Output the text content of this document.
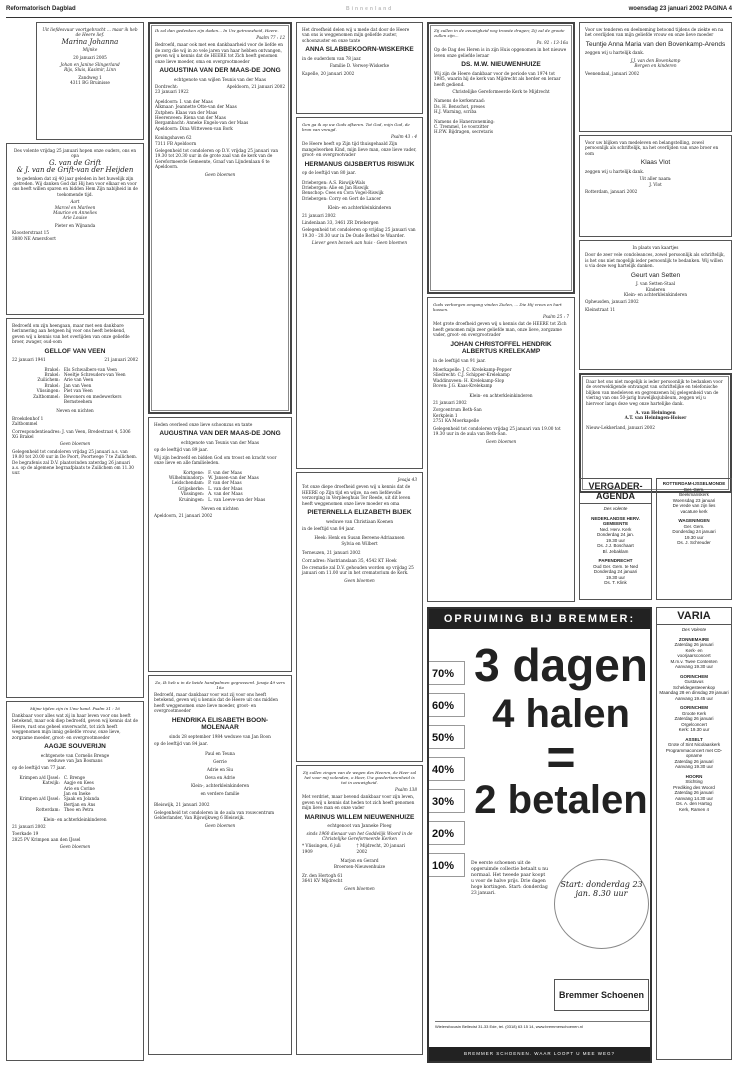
Reformatorisch Dagblad	Binnenland	woensdag 23 januari 2002 PAGINA 4

Uit liefdesvuur voortgebracht ... maar ik heb de Heere lief.

Marina Johanna

Mijnke

20 januari 2005

Johan en Janine Slingerland
Rijs, Sluis, Kasimir, Linn

Zandweg 1
4311 BG Bruinisse

Des volente vrijdag 25 januari hopen onze ouders, ons en opa

G. van de Grift

& J. van de Grift-van der Heijden

te gedenken dat zij 40 jaar geleden in het huwelijk zijn getreden. Wij danken God dat Hij hen voor elkaar en voor ons heeft willen sparen en bidden Hem Zijn nabijheid in de toekomende tijd.

Aart
Marcel en Marleen
Maurice en Annelies
Arie Louise

Pieter en Wijnanda

Kloosterstraat 15
3880 NE Amersfoort

Bedroefd om zijn heengaan, maar met een dankbare herinnering aan hetgeen hij voor ons heeft betekend, geven wij u kennis van het overlijden van onze geliefde broer, zwager, oud-oom

GELLOF VAN VEEN

22 januari 1941	21 januari 2002
Brakel: Els Schwalbers-van Veen
Brakel: Neeltje Schreuders-van Veen
Zuilichem: Arie van Veen
Brakel: Jan van Veen
Vlissingen: Piet van Veen
Zaltbommel: Bewoners en medewerkers Bernsteehem

Neven en nichten

Broekdenhof 1
Zaltbommel

Correspondentieadres: J. van Veen, Bredestraat 4, 5306 XG Brakel

Geen bloemen

Gelegenheid tot condoleren vrijdag 25 januari a.s. van 19.00 tot 20.00 uur in De Poort, Poortwege 7 te Zuilichem. De begrafenis zal D.V. plaatsvinden zaterdag 26 januari a.s. op de algemene begraafplaats te Zuilichem om 11.30 uur.

Mijne tijden zijn in Uwe hand. Psalm 31 : 16

Dankbaar voor alles wat zij in haar leven voor ons heeft betekend, maar ook diep bedroefd, geven wij kennis dat de Heere, rust ons geheel onverwacht, tot zich heeft weggenomen mijn innig geliefde vrouw, onze lieve, zorgzame moeder, groot- en overgrootmoeder

AAGJE SOUVERIJN

echtgenote van Cornelis Brenge
weduwe van Jan Bosmans

op de leeftijd van 77 jaar.

Krimpen a/d IJssel: C. Brenge
Katwijk: Aagje en Kees
Arie en Corine
Jan en Ineke
Krimpen a/d IJssel: Sjaak en Jolanda
Bertjan en Ans
Rotterdam: Theo en Petra

Klein- en achterkleinkinderen

21 januari 2002

Toerkade 19
2825 PV Krimpen aan den IJssel

Geen bloemen

Ik zal dan gedenken zijn daden... In Uw getrouwheid, Heere.

Psalm 77 : 12

Bedroefd, maar ook met een dankbaarheid voor de liefde en de zorg die wij in zo vele jaren van haar hebben ontvangen, geven wij u kennis dat de HEERE tot Zich heeft genomen onze lieve moeder, oma en overgrootmoeder

AUGUSTINA VAN DER MAAS-DE JONG

echtgenote van wijlen Teunis van der Maas

Dordrecht:	Apeldoorn, 21 januari 2002

23 januari 1922

Apeldoorn: I. van der Maas
Alkmaar: Jeannette Otte-van der Maas
Zutphen: Klaas van der Maas
Heerenveen: Riena van der Maas
Bergambacht: Anneke Engels-van der Maas
Apeldoorn: Dina Witteveen-van Bork

Koningshaven 62
7311 FB Apeldoorn

Gelegenheid tot condoleren op D.V. vrijdag 25 januari van 19.30 tot 20.30 uur in de grote zaal van de kerk van de Gereformeerde Gemeente, Graaf van Lijndenlaan 6 te Apeldoorn.

Geen bloemen

Heden overleed onze lieve schoonzus en tante

AUGUSTINA VAN DER MAAS-DE JONG

echtgenote van Teunis van der Maas

op de leeftijd van 89 jaar.

Wij zijn bedroefd en bidden God om troost en kracht voor onze lieve en alle familieleden.

Kortgene: F. van der Maas
Wilhelminadorp: W. Jansen-van der Maas
Leidschendam: P. van der Maas
Grijpskerke: L. van der Maas
Vlissingen: A. van der Maas
Kruiningen: L. van Leeve-van der Maas

Neven en nichten

Apeldoorn, 21 januari 2002

Zo, Ik heb u in de beide handpalmen gegraveerd. Jesaja 49 vers 16a

Bedroefd, maar dankbaar voor wat zij voor ons heeft betekend, geven wij u kennis dat de Heere uit ons midden heeft weggenomen onze lieve moeder, groot- en overgrootmoeder

HENDRIKA ELISABETH BOON-MOLENAAR

sinds 28 september 1984 weduwe van Jan Boon

op de leeftijd van 84 jaar.

Paul en Teuna
Gerrie
Adrie en Siu
Oeva en Adrie
Klein-, achterkleinkinderen
en verdere familie

Bleiswijk, 21 januari 2002

Gelegenheid tot condoleren in de aula van rouwcentrum Gelderlander, Van Rijswijkweg 6 Bleiswijk.

Geen bloemen

Het droefheid delen wij u mede dat door de Heere van ons is weggenomen mijn geliefde zuster, schoonzuster en onze tante

ANNA SLABBEKOORN-WISKERKE

in de ouderdom van 78 jaar.

Familie D. Verwey-Wiskerke

Kapelle, 20 januari 2002

Gen ga ik op uw Gods afkeren. Tot God, mijn God, de bron van vreugd.

Psalm 43 : 4

De Heere heeft op Zijn tijd thuisgehaald Zijn mangelwerken Kind, mijn lieve man, onze lieve vader, groot- en overgrootvader

HERMANUS GIJSBERTUS RISWIJK

op de leeftijd van 80 jaar.

Driebergen: A.S. Riswijk-Wals
Driebergen: Alie en Jan Riswijk
Benschop: Cees en Cora Vogel-Riswijk
Driebergen: Corry en Gert de Lancer

Klein- en achterkleinkinderen

21 januari 2002

Lindenlaan 33, 3461 ZR Driebergen

Gelegenheid tot condoleren op vrijdag 25 januari van 19.30 - 20.30 uur in De Oude Bethel te Waarder.

Liever geen bezoek aan huis - Geen bloemen

Jesaja 43

Tot onze diepe droefheid geven wij u kennis dat de HEERE op Zijn tijd en wijze, na een liefdevolle verzorging in Verpleeghuis Ter Reede, uit dit leven heeft weggenomen onze lieve moeder en oma

PIETERNELLA ELIZABETH BIJEK

weduwe van Christiaan Koenen

in de leeftijd van 84 jaar.

Heek: Henk en Susan Bereens-Adriaansen
Sylvia en Wilbert

Terneuzen, 21 januari 2002

Corr.adres: Nastrianslaan 35, 4542 KT Hoek

De crematie zal D.V. gehouden worden op vrijdag 25 januari om 11.00 uur in het crematorium de Kerk.

Geen bloemen

Zij zullen zingen van de wegen des Heeren, de Heer zal het voor mij volenden, o Heer, Uw goedertierenheid is tot in eeuwigheid.

Psalm 138

Met verdriet, maar bevend dankbaar voor zijn leven, geven wij u kennis dat heden tot zich heeft genomen mijn lieve man en onze vader

MARINUS WILLEM NIEUWENHUIZE

echtgenoot van Janneke Ploeg

sinds 1960 dienaar van het Goddelijk Woord in de Christelijke Gereformeerde Kerken

* Vlissingen, 6 juli 1909
† Mijdrecht, 20 januari 2002

Marjon en Gerard
Broersen-Nieuwenhuize

Zr. den Hertogh 61
3641 KV Mijdrecht

Geen bloemen

Zij zullen in de eeuwigheid nog trooste dragen; Zij zal de groote zullen zijn...

Ps. 92 : 13-16a

Op de Dag des Heren is in zijn Huis opgenomen in het nieuwe leven onze geliefde leraar

DS. M.W. NIEUWENHUIZE

Wij zijn de Heere dankbaar voor de periode van 1974 tot 1985, waarin hij de kerk van Mijdrecht als herder en leraar heeft gediend.

Christelijke Gereformeerde Kerk te Mijdrecht

Namens de kerkenraad:
Ds. H. Benschot, preses
H.J. Warning, scriba

Namens de Hanerzoneming:
C. Tremmel, 1e voorzitter
H.P.W. Bijdragen, secretaris

Gods verborgen omgang vinden Zielen, ... Die Hij vrees en hart kussen.

Psalm 25 : 7

Met grote droefheid geven wij u kennis dat de HEERE tot Zich heeft genomen mijn zeer geliefde man, onze lieve, zorgzame vader, groot- en overgrootvader

JOHAN CHRISTOFFEL HENDRIK ALBERTUS KRELEKAMP

in de leeftijd van 91 jaar.

Moerkapelle: J. C. Krelekamp-Pepper
Sliedrecht: C.J. Schipper-Krelekamp
Waddinxveen: H. Krelekamp-Slop
Boven: J.G. Kaas-Krelekamp

Klein- en achterkleinkinderen

21 januari 2002

Zorgcentrum Beth-San
Kerkplein 1
2751 KA Moerkapelle

Gelegenheid tot condoleren vrijdag 25 januari van 19.00 tot 19.30 uur in de aula van Beth-San.

Geen bloemen

Voor uw tenderen en deelneming betoond tijdens de ziekte en na het overlijden van mijn geliefde vrouw en onze lieve moeder

Teuntje Anna Maria van den Bovenkamp-Arends

zeggen wij u hartelijk dank.

J.J. van den Bovenkamp
Bergen en kinderen

Veenendaal, januari 2002

Voor uw blijken van medeleven en belangstelling, zowel persoonlijk als schriftelijk, na het overlijden van onze broer en oom

Klaas Vlot

zeggen wij u hartelijk dank.

Uit aller naam:
J. Vlot

Rotterdam, januari 2002

In plaats van kaartjes

Door de zeer vele condoleances, zowel persoonlijk als schriftelijk, is het ons niet mogelijk ieder persoonlijk te bedanken. Wij willen u via deze weg hartelijk danken.

Geurt van Setten

J. van Setten-Staal
Kinderen
Klein- en achterkleinkinderen

Opheusden, januari 2002

Kleinstraat 11

Daar het ons niet mogelijk is ieder persoonlijk te bedanken voor de overweldigende ontvangst van schriftelijke en telefonische blijken van medeleven en gegrenzenen bij gelegenheid van de viering van ons 50-jarig huwelijksjubileum, zeggen wij u hiervoor langs deze weg onze hartelijke dank.

A. van Heiningen
A.T. van Heiningen-Hoiser

Nieuw-Lekkerland, januari 2002

VERGADER-AGENDA
Des volente
NEDERLANDSE HERV. GEMEENTE
Ned. Herv. Kerk
Donderdag 24 jan.
19.30 uur
Ds. J.J. Boschaart
Bl. Jebaklam
PAPENDRECHT
Oud Ger. Gem. te Ned
Donderdag 24 januari
19.30 uur
Ds. T. Klink
ROTTERDAM-IJSSELMONDE
Ger. Gem.
Beekmanskerk
Woensdag 23 januari
De vrede van zijn lies
vacature kerk
WAGENINGEN
Ger. Gem.
Donderdag 24 januari
19.30 uur
Ds. J. Schreuder
OPRUIMING BIJ BREMMER:
70%
60%
50%
40%
30%
20%
10%
3 dagen
4 halen
=
2 betalen
De eerste schoenen uit de opgeruimde collectie betaalt u nu normaal. Het tweede paar koopt u voor de halve prijs. Drie dagen hoge kortingen. Start: donderdag 23 januari.
Start: donderdag 23 jan. 8.30 uur
Bremmer Schoenen
Wielersfocusin Bellecist 31-33 Ede, tel. (0318) 63 15 14, www.bremmerschoenen.nl
BREMMER SCHOENEN. WAAR LOOPT U MEE WEG?
VARIA
Des Volente
ZONNEMAIRE
Zaterdag 26 januari
Kerk- en
voorjaarsconcert
M.m.v. Twee Contenten
Aanvang 19.30 uur
GORINCHEM
Gustavus
Scheldegesteeenkop
Maandag 28 en dinsdag 29 januari
Aanvang 19.45 uur
GORINCHEM
Groote Kerk
Zaterdag 26 januari
Orgelconcert
Kerk: 19.30 uur
ASSELT
Grote of Sint Nicolaaskerk
Programmaconcert met CD-opname
Zaterdag 26 januari
Aanvang 19.30 uur
HOORN
Stichting
Prediking des Woord
Zaterdag 26 januari
Aanvang 14.30 uur
Ds. A. den Hartog
Kerk, Ramen 4
